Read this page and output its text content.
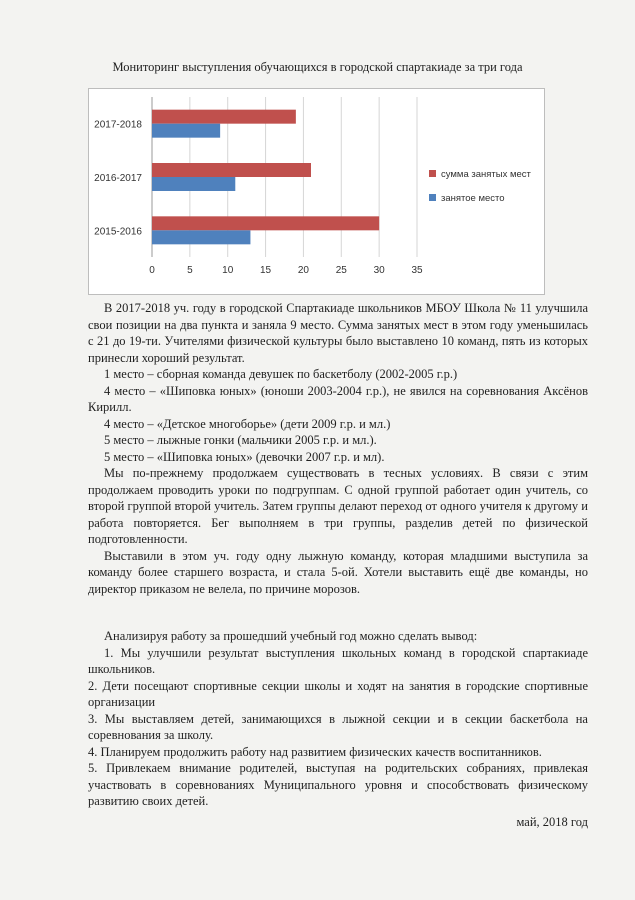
Мониторинг выступления обучающихся в городской спартакиаде за три года
0	5	10	15	20	25	30	35
2015-2016
2016-2017
2017-2018
сумма занятых мест
занятое место

В 2017-2018 уч. году в городской Спартакиаде школьников МБОУ Школа № 11 улучшила свои позиции на два пункта и заняла 9 место. Сумма занятых мест в этом году уменьшилась с 21 до 19-ти. Учителями физической культуры было выставлено 10 команд, пять из которых принесли хороший результат.

1 место – сборная команда девушек по баскетболу (2002-2005 г.р.)

4 место – «Шиповка юных» (юноши 2003-2004 г.р.), не явился на соревнования Аксёнов Кирилл.

4 место – «Детское многоборье» (дети 2009 г.р. и мл.)

5 место – лыжные гонки (мальчики 2005 г.р. и мл.).

5 место – «Шиповка юных» (девочки 2007 г.р. и мл).

Мы по-прежнему продолжаем существовать в тесных условиях. В связи с этим продолжаем проводить уроки по подгруппам. С одной группой работает один учитель, со второй группой второй учитель. Затем группы делают переход от одного учителя к другому и работа повторяется. Бег выполняем в три группы, разделив детей по физической подготовленности.

Выставили в этом уч. году одну лыжную команду, которая младшими выступила за команду более старшего возраста, и стала 5-ой. Хотели выставить ещё две команды, но директор приказом не велела, по причине морозов.

Анализируя работу за прошедший учебный год можно сделать вывод:

1. Мы улучшили результат выступления школьных команд в городской спартакиаде школьников.

2. Дети посещают спортивные секции школы и ходят на занятия в городские спортивные организации

3. Мы выставляем детей, занимающихся в лыжной секции и в секции баскетбола на соревнования за школу.

4. Планируем продолжить работу над развитием физических качеств воспитанников.

5. Привлекаем внимание родителей, выступая на родительских собраниях, привлекая участвовать в соревнованиях Муниципального уровня и способствовать физическому развитию своих детей.

май, 2018 год
